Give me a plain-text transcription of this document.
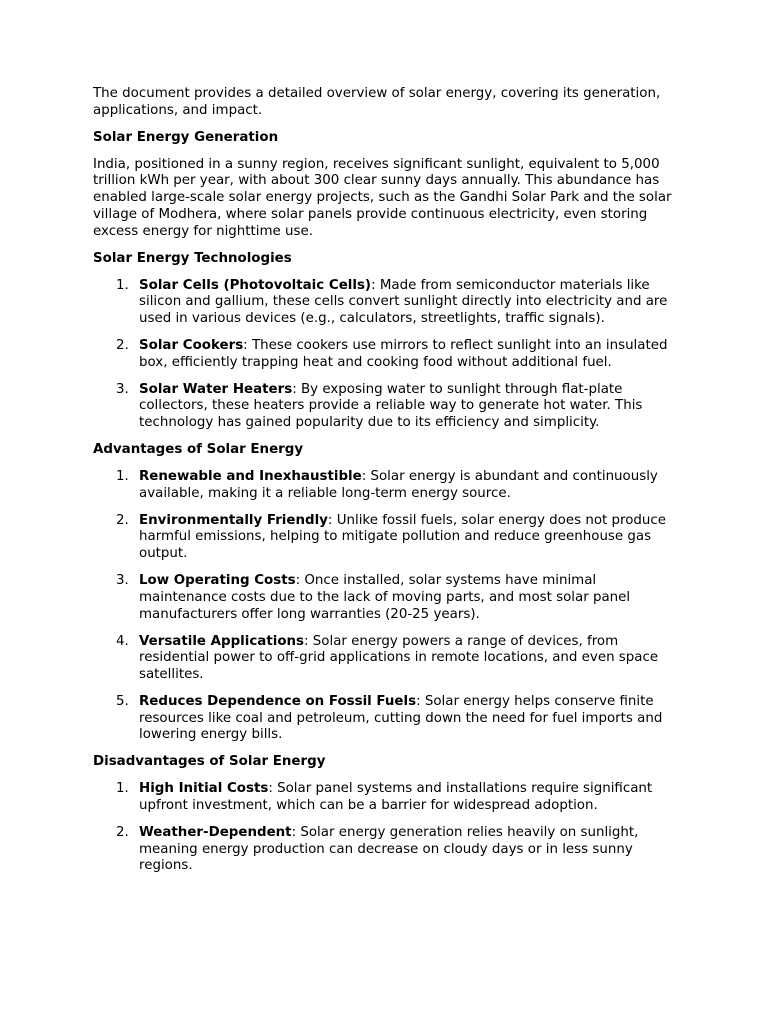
The document provides a detailed overview of solar energy, covering its generation, applications, and impact.

Solar Energy Generation

India, positioned in a sunny region, receives significant sunlight, equivalent to 5,000 trillion kWh per year, with about 300 clear sunny days annually. This abundance has enabled large-scale solar energy projects, such as the Gandhi Solar Park and the solar village of Modhera, where solar panels provide continuous electricity, even storing excess energy for nighttime use.

Solar Energy Technologies
1. Solar Cells (Photovoltaic Cells): Made from semiconductor materials like silicon and gallium, these cells convert sunlight directly into electricity and are used in various devices (e.g., calculators, streetlights, traffic signals).
2. Solar Cookers: These cookers use mirrors to reflect sunlight into an insulated box, efficiently trapping heat and cooking food without additional fuel.
3. Solar Water Heaters: By exposing water to sunlight through flat-plate collectors, these heaters provide a reliable way to generate hot water. This technology has gained popularity due to its efficiency and simplicity.
Advantages of Solar Energy
1. Renewable and Inexhaustible: Solar energy is abundant and continuously available, making it a reliable long-term energy source.
2. Environmentally Friendly: Unlike fossil fuels, solar energy does not produce harmful emissions, helping to mitigate pollution and reduce greenhouse gas output.
3. Low Operating Costs: Once installed, solar systems have minimal maintenance costs due to the lack of moving parts, and most solar panel manufacturers offer long warranties (20-25 years).
4. Versatile Applications: Solar energy powers a range of devices, from residential power to off-grid applications in remote locations, and even space satellites.
5. Reduces Dependence on Fossil Fuels: Solar energy helps conserve finite resources like coal and petroleum, cutting down the need for fuel imports and lowering energy bills.
Disadvantages of Solar Energy
1. High Initial Costs: Solar panel systems and installations require significant upfront investment, which can be a barrier for widespread adoption.
2. Weather-Dependent: Solar energy generation relies heavily on sunlight, meaning energy production can decrease on cloudy days or in less sunny regions.
